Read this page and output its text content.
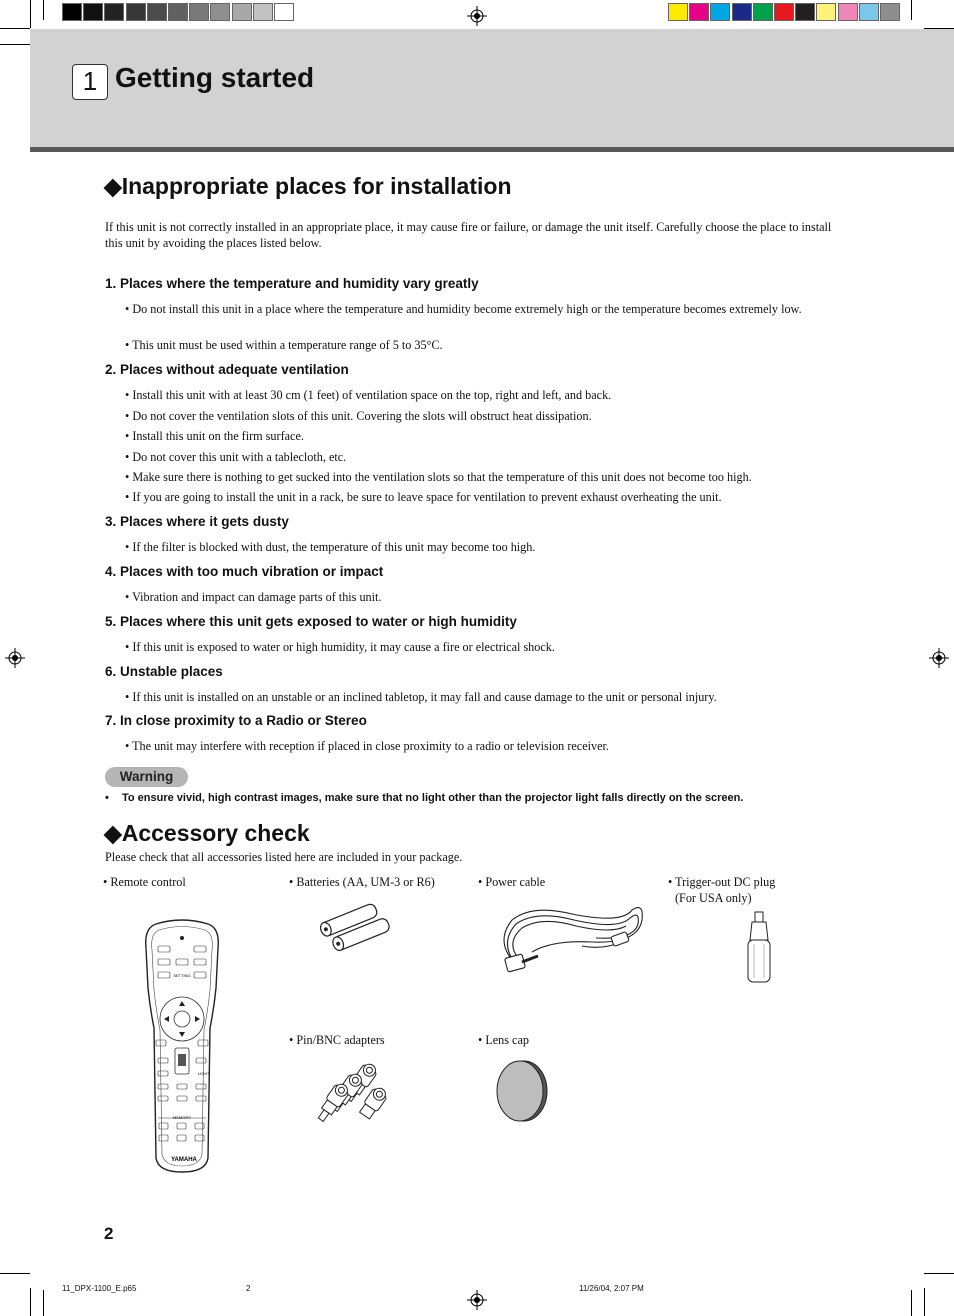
1 Getting started
◆Inappropriate places for installation
If this unit is not correctly installed in an appropriate place, it may cause fire or failure, or damage the unit itself. Carefully choose the place to install this unit by avoiding the places listed below.
1. Places where the temperature and humidity vary greatly
• Do not install this unit in a place where the temperature and humidity become extremely high or the temperature becomes extremely low.
• This unit must be used within a temperature range of 5 to 35°C.
2. Places without adequate ventilation
• Install this unit with at least 30 cm (1 feet) of ventilation space on the top, right and left, and back.
• Do not cover the ventilation slots of this unit. Covering the slots will obstruct heat dissipation.
• Install this unit on the firm surface.
• Do not cover this unit with a tablecloth, etc.
• Make sure there is nothing to get sucked into the ventilation slots so that the temperature of this unit does not become too high.
• If you are going to install the unit in a rack, be sure to leave space for ventilation to prevent exhaust overheating the unit.
3. Places where it gets dusty
• If the filter is blocked with dust, the temperature of this unit may become too high.
4. Places with too much vibration or impact
• Vibration and impact can damage parts of this unit.
5. Places where this unit gets exposed to water or high humidity
• If this unit is exposed to water or high humidity, it may cause a fire or electrical shock.
6. Unstable places
• If this unit is installed on an unstable or an inclined tabletop, it may fall and cause damage to the unit or personal injury.
7. In close proximity to a Radio or Stereo
• The unit may interfere with reception if placed in close proximity to a radio or television receiver.
Warning
• To ensure vivid, high contrast images, make sure that no light other than the projector light falls directly on the screen.
◆Accessory check
Please check that all accessories listed here are included in your package.
• Remote control	• Batteries (AA, UM-3 or R6)	• Power cable	• Trigger-out DC plug
(For USA only)
• Pin/BNC adapters	• Lens cap
SETTING
LIGHT
MEMORY
YAMAHA
2
11_DPX-1100_E.p65	2	11/26/04, 2:07 PM
